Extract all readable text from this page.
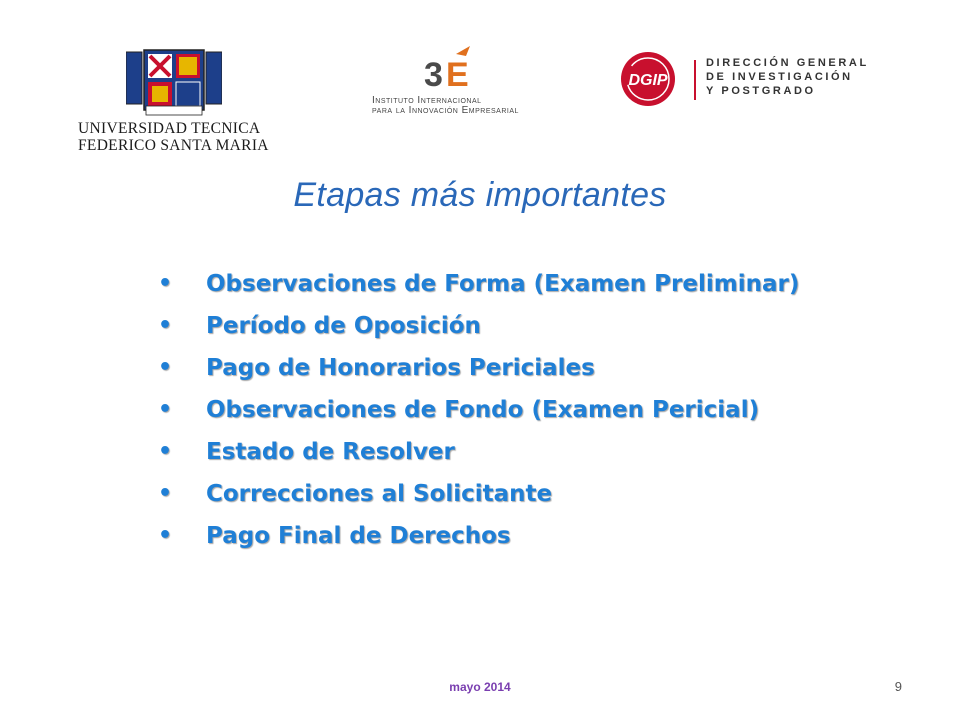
UNIVERSIDAD TECNICA
FEDERICO SANTA MARIA
3 E
Instituto Internacional
para la Innovación Empresarial
DGIP
DIRECCIÓN GENERAL
DE INVESTIGACIÓN
Y POSTGRADO
Etapas más importantes
• Observaciones de Forma (Examen Preliminar)
• Período de Oposición
• Pago de Honorarios Periciales
• Observaciones de Fondo (Examen Pericial)
• Estado de Resolver
• Correcciones al Solicitante
• Pago Final de Derechos
mayo 2014	9
